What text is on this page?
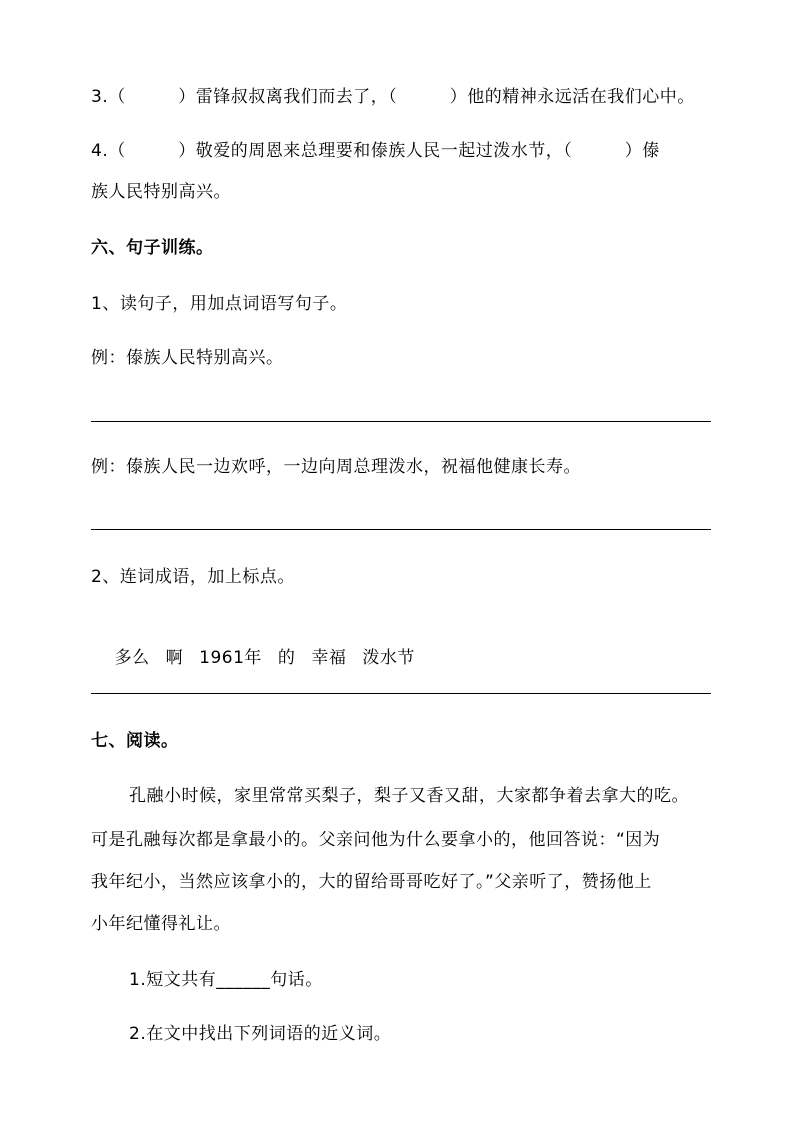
3.（　　　）雷锋叔叔离我们而去了，（　　　）他的精神永远活在我们心中。
4.（　　　）敬爱的周恩来总理要和傣族人民一起过泼水节，（　　　）傣
族人民特别高兴。
六、句子训练。
1、读句子，用加点词语写句子。
例：傣族人民特别高兴。
例：傣族人民一边欢呼，一边向周总理泼水，祝福他健康长寿。
2、连词成语，加上标点。

多么 啊 1961年 的 幸福 泼水节

七、阅读。
孔融小时候，家里常常买梨子，梨子又香又甜，大家都争着去拿大的吃。
可是孔融每次都是拿最小的。父亲问他为什么要拿小的，他回答说：“因为
我年纪小，当然应该拿小的，大的留给哥哥吃好了。”父亲听了，赞扬他上
小年纪懂得礼让。
1.短文共有______句话。
2.在文中找出下列词语的近义词。
